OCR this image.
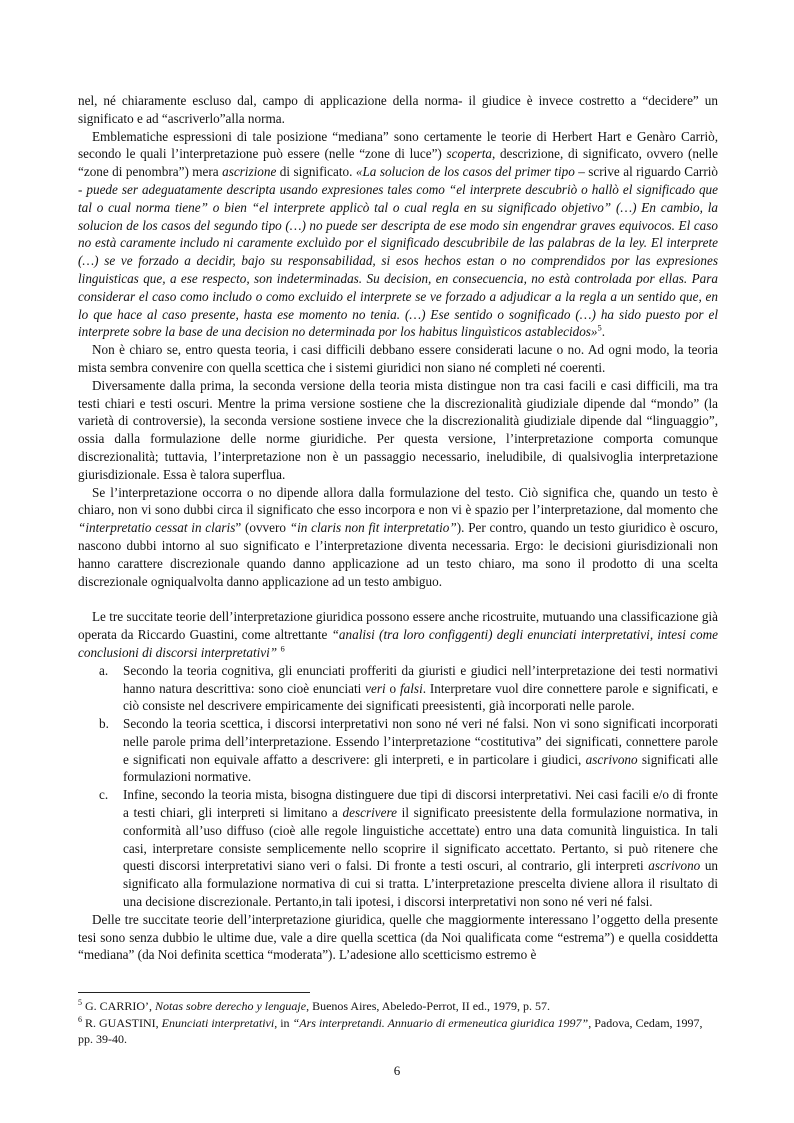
nel, né chiaramente escluso dal, campo di applicazione della norma- il giudice è invece costretto a “decidere” un significato e ad “ascriverlo”alla norma.

Emblematiche espressioni di tale posizione “mediana” sono certamente le teorie di Herbert Hart e Genàro Carriò, secondo le quali l’interpretazione può essere (nelle “zone di luce”) scoperta, descrizione, di significato, ovvero (nelle “zone di penombra”) mera ascrizione di significato. «La solucion de los casos del primer tipo – scrive al riguardo Carriò - puede ser adeguatamente descripta usando expresiones tales como “el interprete descubriò o hallò el significado que tal o cual norma tiene” o bien “el interprete applicò tal o cual regla en su significado objetivo” (…) En cambio, la solucion de los casos del segundo tipo (…) no puede ser descripta de ese modo sin engendrar graves equivocos. El caso no està caramente includo ni caramente excluìdo por el significado descubribile de las palabras de la ley. El interprete (…) se ve forzado a decidir, bajo su responsabilidad, si esos hechos estan o no comprendidos por las expresiones linguisticas que, a ese respecto, son indeterminadas. Su decision, en consecuencia, no està controlada por ellas. Para considerar el caso como includo o como excluido el interprete se ve forzado a adjudicar a la regla a un sentido que, en lo que hace al caso presente, hasta ese momento no tenia. (…) Ese sentido o sognificado (…) ha sido puesto por el interprete sobre la base de una decision no determinada por los habitus linguìsticos astablecidos»$^5$.

Non è chiaro se, entro questa teoria, i casi difficili debbano essere considerati lacune o no. Ad ogni modo, la teoria mista sembra convenire con quella scettica che i sistemi giuridici non siano né completi né coerenti.

Diversamente dalla prima, la seconda versione della teoria mista distingue non tra casi facili e casi difficili, ma tra testi chiari e testi oscuri. Mentre la prima versione sostiene che la discrezionalità giudiziale dipende dal “mondo” (la varietà di controversie), la seconda versione sostiene invece che la discrezionalità giudiziale dipende dal “linguaggio”, ossia dalla formulazione delle norme giuridiche. Per questa versione, l’interpretazione comporta comunque discrezionalità; tuttavia, l’interpretazione non è un passaggio necessario, ineludibile, di qualsivoglia interpretazione giurisdizionale. Essa è talora superflua.

Se l’interpretazione occorra o no dipende allora dalla formulazione del testo. Ciò significa che, quando un testo è chiaro, non vi sono dubbi circa il significato che esso incorpora e non vi è spazio per l’interpretazione, dal momento che “interpretatio cessat in claris” (ovvero “in claris non fit interpretatio”). Per contro, quando un testo giuridico è oscuro, nascono dubbi intorno al suo significato e l’interpretazione diventa necessaria. Ergo: le decisioni giurisdizionali non hanno carattere discrezionale quando danno applicazione ad un testo chiaro, ma sono il prodotto di una scelta discrezionale ogniqualvolta danno applicazione ad un testo ambiguo.

Le tre succitate teorie dell’interpretazione giuridica possono essere anche ricostruite, mutuando una classificazione già operata da Riccardo Guastini, come altrettante “analisi (tra loro configgenti) degli enunciati interpretativi, intesi come conclusioni di discorsi interpretativi” $^6$

a. Secondo la teoria cognitiva, gli enunciati profferiti da giuristi e giudici nell’interpretazione dei testi normativi hanno natura descrittiva: sono cioè enunciati veri o falsi. Interpretare vuol dire connettere parole e significati, e ciò consiste nel descrivere empiricamente dei significati preesistenti, già incorporati nelle parole.
b. Secondo la teoria scettica, i discorsi interpretativi non sono né veri né falsi. Non vi sono significati incorporati nelle parole prima dell’interpretazione. Essendo l’interpretazione “costitutiva” dei significati, connettere parole e significati non equivale affatto a descrivere: gli interpreti, e in particolare i giudici, ascrivono significati alle formulazioni normative.
c. Infine, secondo la teoria mista, bisogna distinguere due tipi di discorsi interpretativi. Nei casi facili e/o di fronte a testi chiari, gli interpreti si limitano a descrivere il significato preesistente della formulazione normativa, in conformità all’uso diffuso (cioè alle regole linguistiche accettate) entro una data comunità linguistica. In tali casi, interpretare consiste semplicemente nello scoprire il significato accettato. Pertanto, si può ritenere che questi discorsi interpretativi siano veri o falsi. Di fronte a testi oscuri, al contrario, gli interpreti ascrivono un significato alla formulazione normativa di cui si tratta. L’interpretazione prescelta diviene allora il risultato di una decisione discrezionale. Pertanto,in tali ipotesi, i discorsi interpretativi non sono né veri né falsi.

Delle tre succitate teorie dell’interpretazione giuridica, quelle che maggiormente interessano l’oggetto della presente tesi sono senza dubbio le ultime due, vale a dire quella scettica (da Noi qualificata come “estrema”) e quella cosiddetta “mediana” (da Noi definita scettica “moderata”). L’adesione allo scetticismo estremo è

$^5$ G. CARRIO’, Notas sobre derecho y lenguaje, Buenos Aires, Abeledo-Perrot, II ed., 1979, p. 57.

$^6$ R. GUASTINI, Enunciati interpretativi, in “Ars interpretandi. Annuario di ermeneutica giuridica 1997”, Padova, Cedam, 1997, pp. 39-40.

6
